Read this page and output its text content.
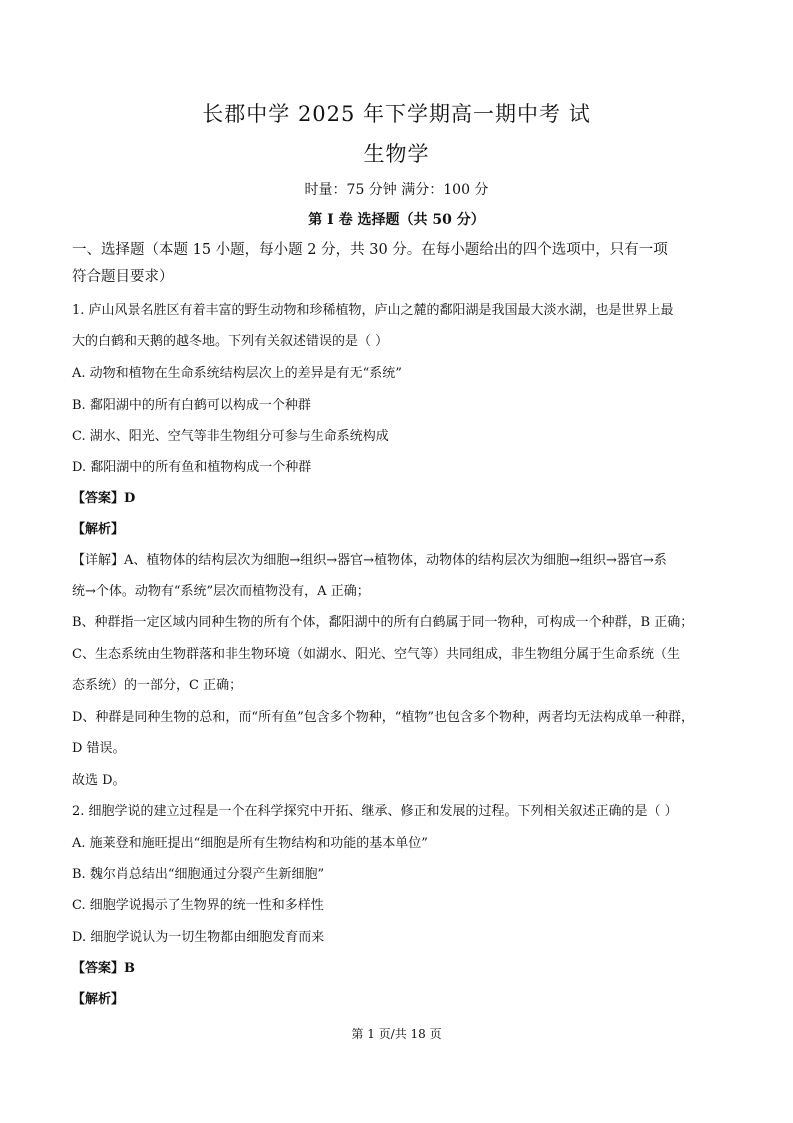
长郡中学 2025 年下学期高一期中考 试
生物学
时量：75 分钟 满分：100 分
第 I 卷 选择题（共 50 分）
一、选择题（本题 15 小题，每小题 2 分，共 30 分。在每小题给出的四个选项中，只有一项
符合题目要求）
1. 庐山风景名胜区有着丰富的野生动物和珍稀植物，庐山之麓的鄱阳湖是我国最大淡水湖，也是世界上最
大的白鹤和天鹅的越冬地。下列有关叙述错误的是（ ）
A. 动物和植物在生命系统结构层次上的差异是有无“系统”
B. 鄱阳湖中的所有白鹤可以构成一个种群
C. 湖水、阳光、空气等非生物组分可参与生命系统构成
D. 鄱阳湖中的所有鱼和植物构成一个种群
【答案】D
【解析】
【详解】A、植物体的结构层次为细胞→组织→器官→植物体，动物体的结构层次为细胞→组织→器官→系
统→个体。动物有“系统”层次而植物没有，A 正确；
B、种群指一定区域内同种生物的所有个体，鄱阳湖中的所有白鹤属于同一物种，可构成一个种群，B 正确；
C、生态系统由生物群落和非生物环境（如湖水、阳光、空气等）共同组成，非生物组分属于生命系统（生
态系统）的一部分，C 正确；
D、种群是同种生物的总和，而“所有鱼”包含多个物种，“植物”也包含多个物种，两者均无法构成单一种群，
D 错误。
故选 D。
2. 细胞学说的建立过程是一个在科学探究中开拓、继承、修正和发展的过程。下列相关叙述正确的是（ ）
A. 施莱登和施旺提出“细胞是所有生物结构和功能的基本单位”
B. 魏尔肖总结出“细胞通过分裂产生新细胞”
C. 细胞学说揭示了生物界的统一性和多样性
D. 细胞学说认为一切生物都由细胞发育而来
【答案】B
【解析】
第 1 页/共 18 页
